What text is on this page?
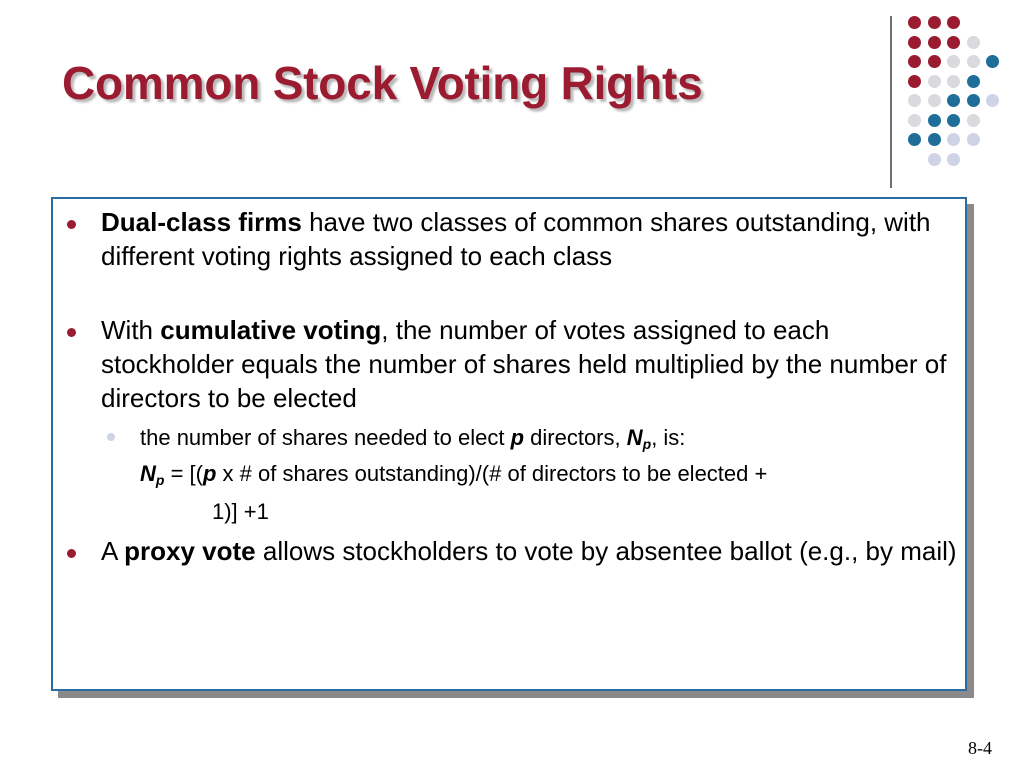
Common Stock Voting Rights
Dual-class firms have two classes of common shares outstanding, with different voting rights assigned to each class
With cumulative voting, the number of votes assigned to each stockholder equals the number of shares held multiplied by the number of directors to be elected
the number of shares needed to elect p directors, $N_p$, is:
$N_p = [(p$ x # of shares outstanding)/(# of directors to be elected +
1)] +1
A proxy vote allows stockholders to vote by absentee ballot (e.g., by mail)
8-4
